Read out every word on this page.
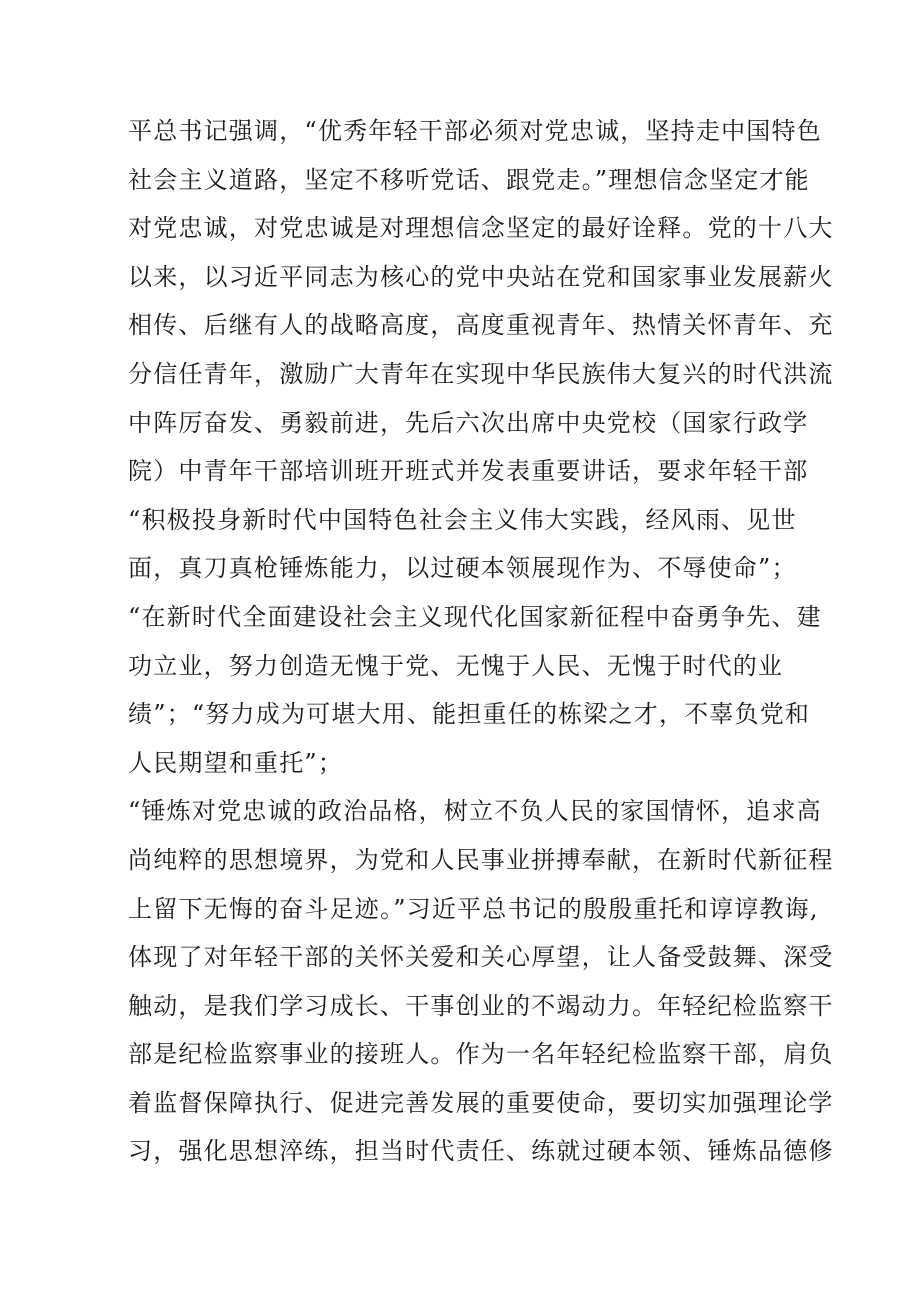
平总书记强调，“优秀年轻干部必须对党忠诚，坚持走中国特色
社会主义道路，坚定不移听党话、跟党走。”理想信念坚定才能
对党忠诚，对党忠诚是对理想信念坚定的最好诠释。党的十八大
以来，以习近平同志为核心的党中央站在党和国家事业发展薪火
相传、后继有人的战略高度，高度重视青年、热情关怀青年、充
分信任青年，激励广大青年在实现中华民族伟大复兴的时代洪流
中阵厉奋发、勇毅前进，先后六次出席中央党校（国家行政学
院）中青年干部培训班开班式并发表重要讲话，要求年轻干部
“积极投身新时代中国特色社会主义伟大实践，经风雨、见世
面，真刀真枪锤炼能力，以过硬本领展现作为、不辱使命”；
“在新时代全面建设社会主义现代化国家新征程中奋勇争先、建
功立业，努力创造无愧于党、无愧于人民、无愧于时代的业
绩”；“努力成为可堪大用、能担重任的栋梁之才，不辜负党和
人民期望和重托”；
“锤炼对党忠诚的政治品格，树立不负人民的家国情怀，追求高
尚纯粹的思想境界，为党和人民事业拼搏奉献，在新时代新征程
上留下无悔的奋斗足迹。”习近平总书记的殷殷重托和谆谆教诲,
体现了对年轻干部的关怀关爱和关心厚望，让人备受鼓舞、深受
触动，是我们学习成长、干事创业的不竭动力。年轻纪检监察干
部是纪检监察事业的接班人。作为一名年轻纪检监察干部，肩负
着监督保障执行、促进完善发展的重要使命，要切实加强理论学
习，强化思想淬练，担当时代责任、练就过硬本领、锤炼品德修
